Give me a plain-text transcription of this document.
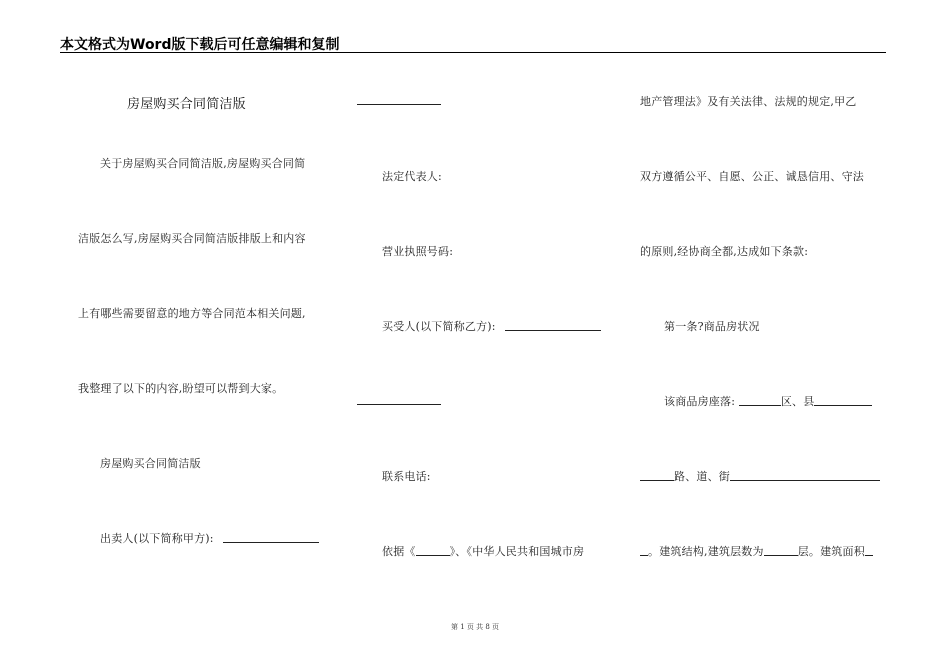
本文格式为Word版下载后可任意编辑和复制
房屋购买合同简洁版
关于房屋购买合同简洁版,房屋购买合同简
洁版怎么写,房屋购买合同简洁版排版上和内容
上有哪些需要留意的地方等合同范本相关问题,
我整理了以下的内容,盼望可以帮到大家。
房屋购买合同简洁版
出卖人(以下简称甲方):
法定代表人:
营业执照号码:
买受人(以下简称乙方):
联系电话:
依据《	》、《中华人民共和国城市房
地产管理法》及有关法律、法规的规定,甲乙
双方遵循公平、自愿、公正、诚恳信用、守法
的原则,经协商全都,达成如下条款:
第一条?商品房状况
该商品房座落:	区、县
路、道、街
。建筑结构,建筑层数为	层。建筑面积
第 1 页 共 8 页
